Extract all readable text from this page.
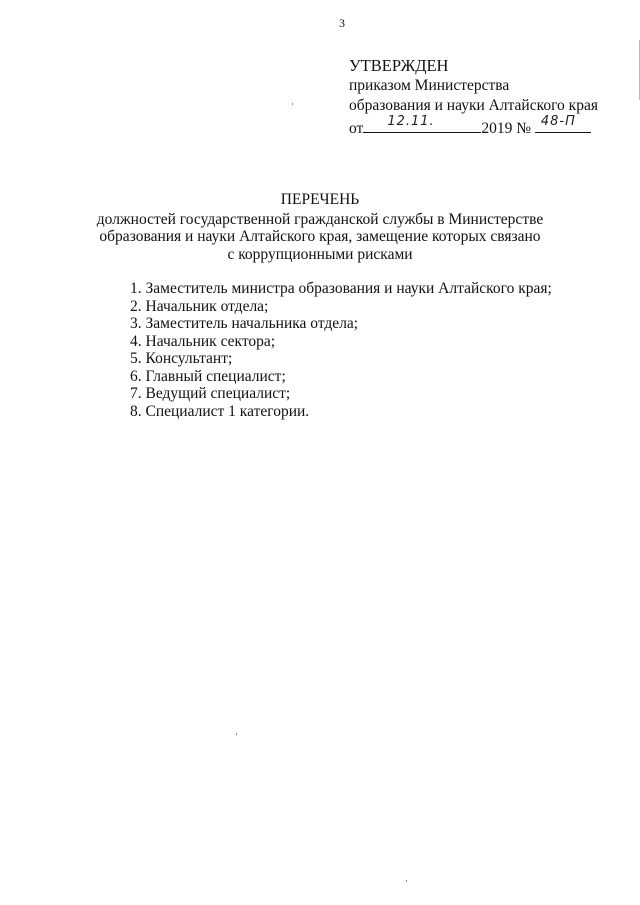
3
УТВЕРЖДЕН
приказом Министерства
образования и науки Алтайского края
от 12.11.	2019 № 48-П
ПЕРЕЧЕНЬ
должностей государственной гражданской службы в Министерстве
образования и науки Алтайского края, замещение которых связано
с коррупционными рисками
1. Заместитель министра образования и науки Алтайского края;
2. Начальник отдела;
3. Заместитель начальника отдела;
4. Начальник сектора;
5. Консультант;
6. Главный специалист;
7. Ведущий специалист;
8. Специалист 1 категории.
